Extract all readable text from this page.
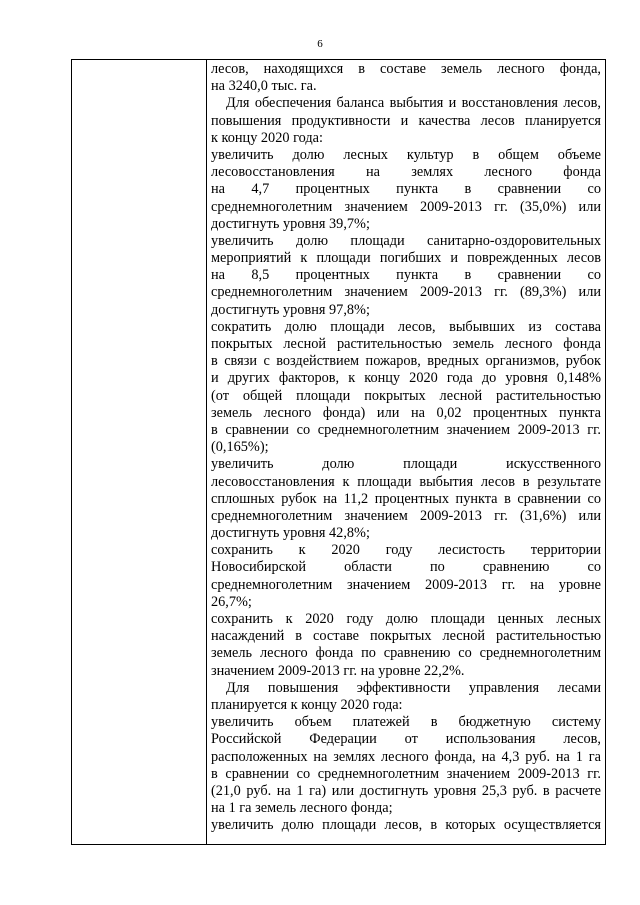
6
лесов, находящихся в составе земель лесного фонда,
на 3240,0 тыс. га.
Для обеспечения баланса выбытия и восстановления лесов,
повышения продуктивности и качества лесов планируется
к концу 2020 года:
увеличить долю лесных культур в общем объеме
лесовосстановления на землях лесного фонда
на 4,7 процентных пункта в сравнении со
среднемноголетним значением 2009-2013 гг. (35,0%) или
достигнуть уровня 39,7%;
увеличить долю площади санитарно-оздоровительных
мероприятий к площади погибших и поврежденных лесов
на 8,5 процентных пункта в сравнении со
среднемноголетним значением 2009-2013 гг. (89,3%) или
достигнуть уровня 97,8%;
сократить долю площади лесов, выбывших из состава
покрытых лесной растительностью земель лесного фонда
в связи с воздействием пожаров, вредных организмов, рубок
и других факторов, к концу 2020 года до уровня 0,148%
(от общей площади покрытых лесной растительностью
земель лесного фонда) или на 0,02 процентных пункта
в сравнении со среднемноголетним значением 2009-2013 гг.
(0,165%);
увеличить долю площади искусственного
лесовосстановления к площади выбытия лесов в результате
сплошных рубок на 11,2 процентных пункта в сравнении со
среднемноголетним значением 2009-2013 гг. (31,6%) или
достигнуть уровня 42,8%;
сохранить к 2020 году лесистость территории
Новосибирской области по сравнению со
среднемноголетним значением 2009-2013 гг. на уровне
26,7%;
сохранить к 2020 году долю площади ценных лесных
насаждений в составе покрытых лесной растительностью
земель лесного фонда по сравнению со среднемноголетним
значением 2009-2013 гг. на уровне 22,2%.
Для повышения эффективности управления лесами
планируется к концу 2020 года:
увеличить объем платежей в бюджетную систему
Российской Федерации от использования лесов,
расположенных на землях лесного фонда, на 4,3 руб. на 1 га
в сравнении со среднемноголетним значением 2009-2013 гг.
(21,0 руб. на 1 га) или достигнуть уровня 25,3 руб. в расчете
на 1 га земель лесного фонда;
увеличить долю площади лесов, в которых осуществляется
